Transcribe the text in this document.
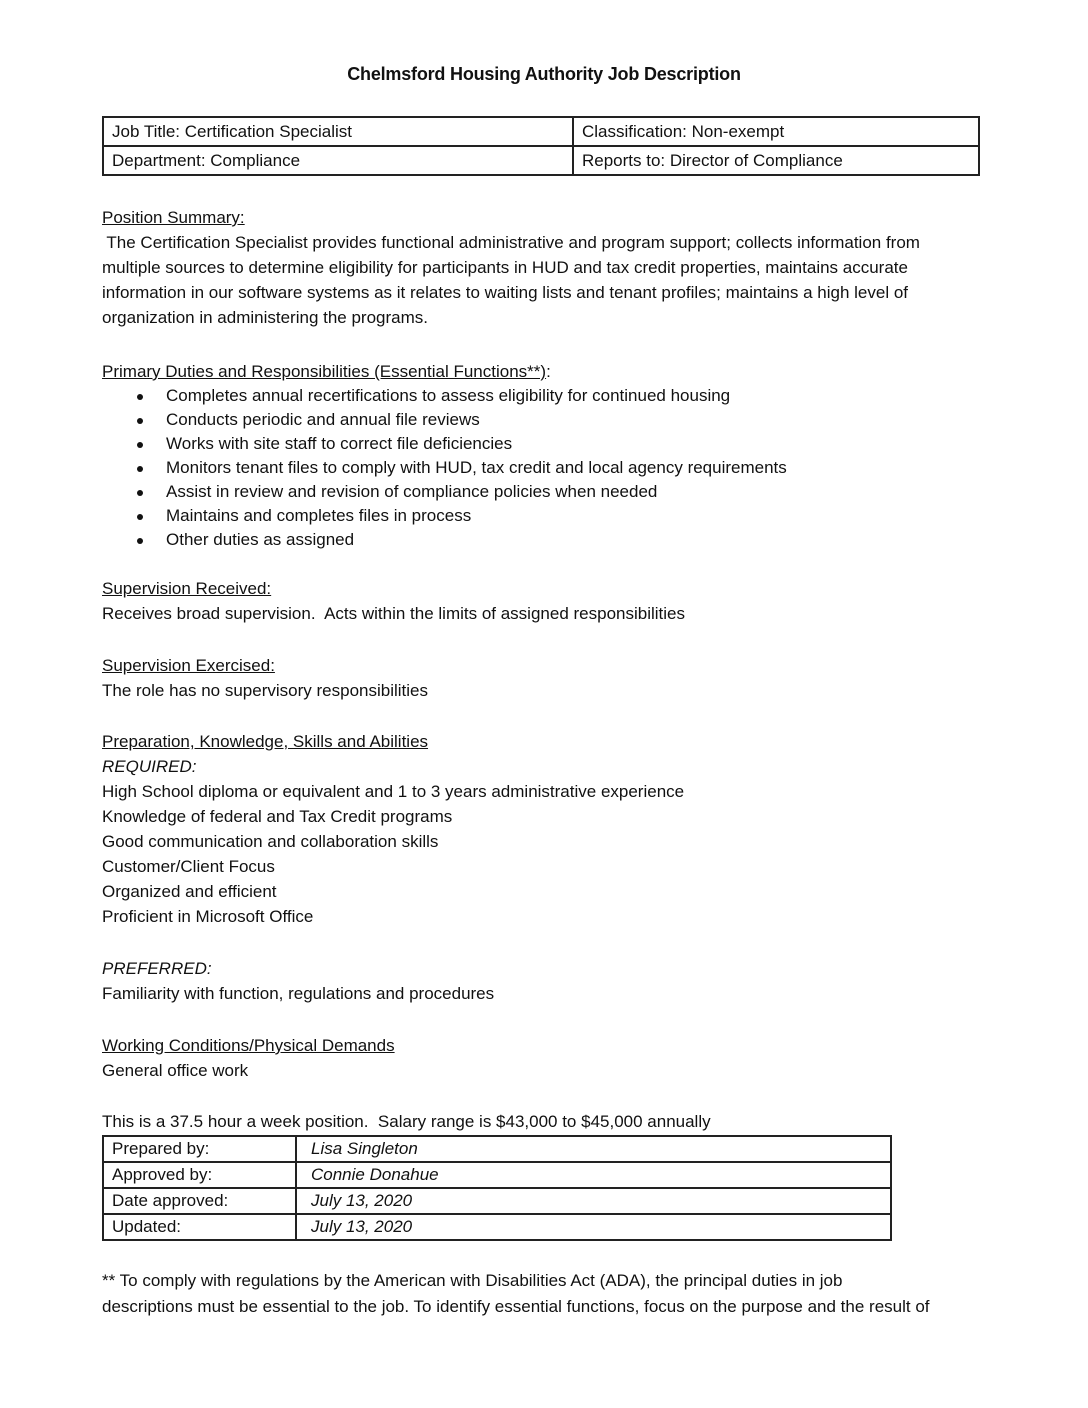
Chelmsford Housing Authority Job Description
Job Title: Certification Specialist	Classification: Non-exempt
Department: Compliance	Reports to: Director of Compliance
Position Summary:
The Certification Specialist provides functional administrative and program support; collects information from
multiple sources to determine eligibility for participants in HUD and tax credit properties, maintains accurate
information in our software systems as it relates to waiting lists and tenant profiles; maintains a high level of
organization in administering the programs.
Primary Duties and Responsibilities (Essential Functions**):
Completes annual recertifications to assess eligibility for continued housing
Conducts periodic and annual file reviews
Works with site staff to correct file deficiencies
Monitors tenant files to comply with HUD, tax credit and local agency requirements
Assist in review and revision of compliance policies when needed
Maintains and completes files in process
Other duties as assigned
Supervision Received:
Receives broad supervision.  Acts within the limits of assigned responsibilities
Supervision Exercised:
The role has no supervisory responsibilities
Preparation, Knowledge, Skills and Abilities
REQUIRED:
High School diploma or equivalent and 1 to 3 years administrative experience
Knowledge of federal and Tax Credit programs
Good communication and collaboration skills
Customer/Client Focus
Organized and efficient
Proficient in Microsoft Office
PREFERRED:
Familiarity with function, regulations and procedures
Working Conditions/Physical Demands
General office work
This is a 37.5 hour a week position.  Salary range is $43,000 to $45,000 annually
Prepared by:	Lisa Singleton
Approved by:	Connie Donahue
Date approved:	July 13, 2020
Updated:	July 13, 2020
** To comply with regulations by the American with Disabilities Act (ADA), the principal duties in job
descriptions must be essential to the job. To identify essential functions, focus on the purpose and the result of
